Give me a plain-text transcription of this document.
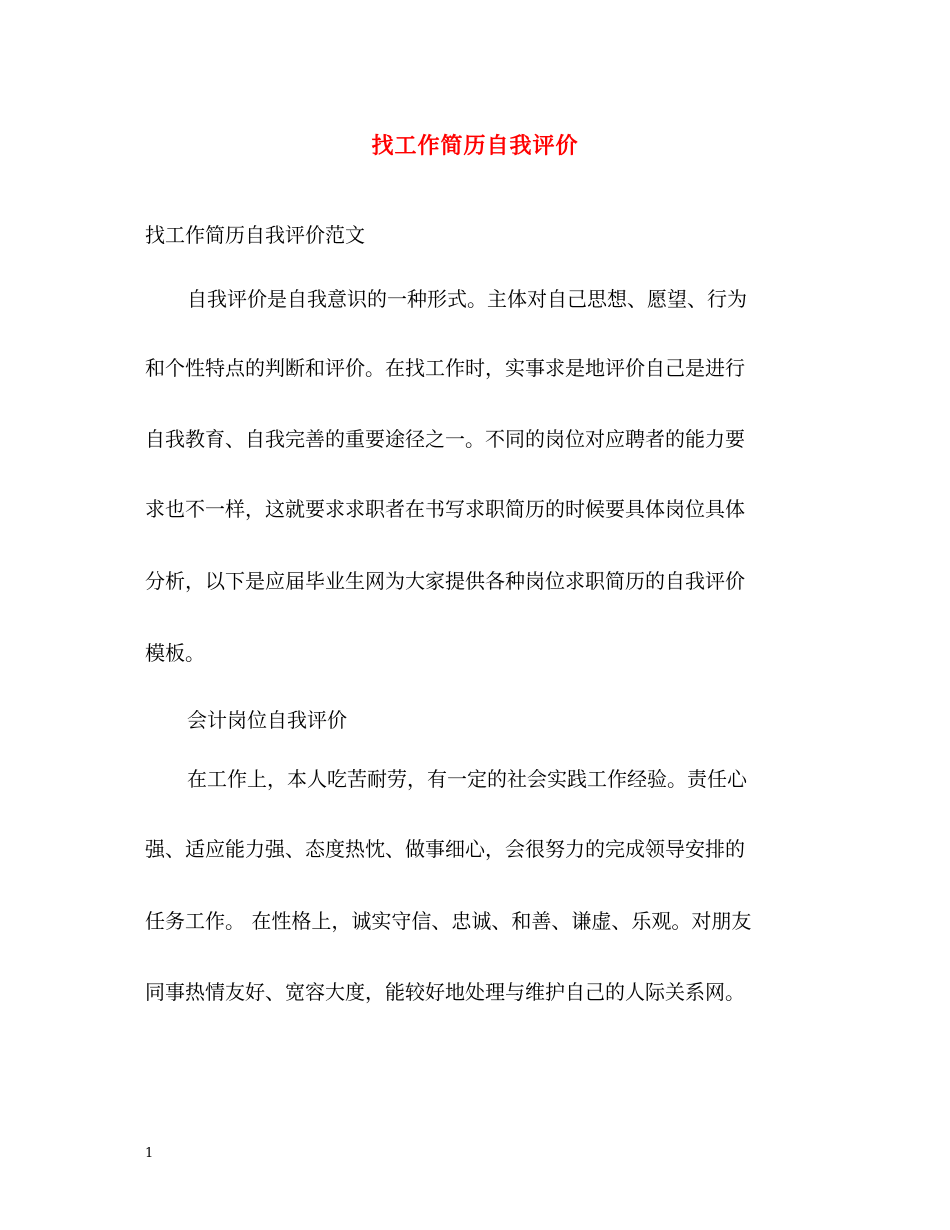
找工作简历自我评价
找工作简历自我评价范文
自我评价是自我意识的一种形式。主体对自己思想、愿望、行为
和个性特点的判断和评价。在找工作时，实事求是地评价自己是进行
自我教育、自我完善的重要途径之一。不同的岗位对应聘者的能力要
求也不一样，这就要求求职者在书写求职简历的时候要具体岗位具体
分析，以下是应届毕业生网为大家提供各种岗位求职简历的自我评价
模板。
会计岗位自我评价
在工作上，本人吃苦耐劳，有一定的社会实践工作经验。责任心
强、适应能力强、态度热忱、做事细心，会很努力的完成领导安排的
任务工作。 在性格上，诚实守信、忠诚、和善、谦虚、乐观。对朋友
同事热情友好、宽容大度，能较好地处理与维护自己的人际关系网。
1
